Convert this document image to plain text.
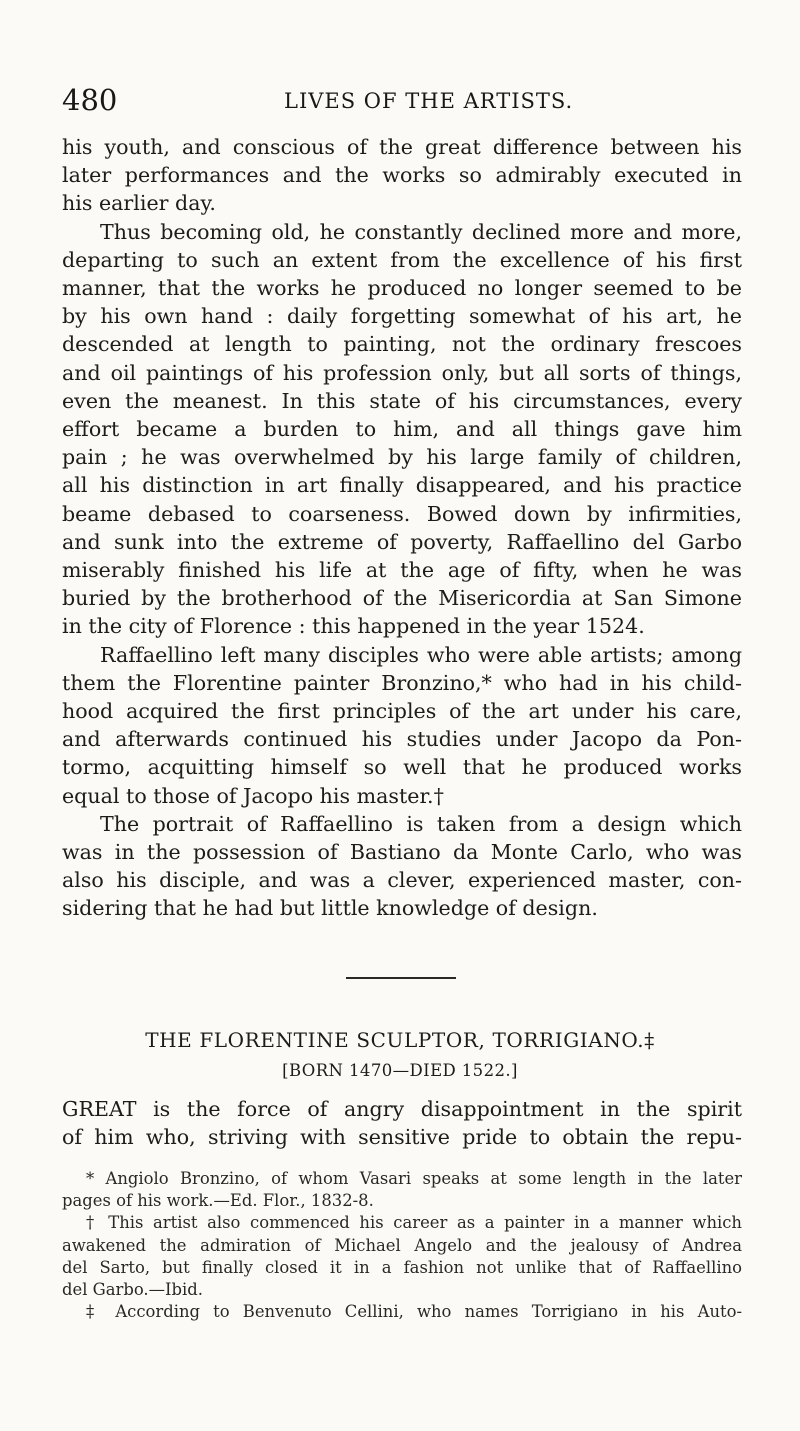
480	LIVES OF THE ARTISTS.
his youth, and conscious of the great difference between his
later performances and the works so admirably executed in
his earlier day.
Thus becoming old, he constantly declined more and more,
departing to such an extent from the excellence of his first
manner, that the works he produced no longer seemed to be
by his own hand : daily forgetting somewhat of his art, he
descended at length to painting, not the ordinary frescoes
and oil paintings of his profession only, but all sorts of things,
even the meanest. In this state of his circumstances, every
effort became a burden to him, and all things gave him
pain ; he was overwhelmed by his large family of children,
all his distinction in art finally disappeared, and his practice
beame debased to coarseness. Bowed down by infirmities,
and sunk into the extreme of poverty, Raffaellino del Garbo
miserably finished his life at the age of fifty, when he was
buried by the brotherhood of the Misericordia at San Simone
in the city of Florence : this happened in the year 1524.
Raffaellino left many disciples who were able artists; among
them the Florentine painter Bronzino,* who had in his child-
hood acquired the first principles of the art under his care,
and afterwards continued his studies under Jacopo da Pon-
tormo, acquitting himself so well that he produced works
equal to those of Jacopo his master.†
The portrait of Raffaellino is taken from a design which
was in the possession of Bastiano da Monte Carlo, who was
also his disciple, and was a clever, experienced master, con-
sidering that he had but little knowledge of design.
THE FLORENTINE SCULPTOR, TORRIGIANO.‡
[BORN 1470—DIED 1522.]
GREAT is the force of angry disappointment in the spirit
of him who, striving with sensitive pride to obtain the repu-
* Angiolo Bronzino, of whom Vasari speaks at some length in the later
pages of his work.—Ed. Flor., 1832-8.
† This artist also commenced his career as a painter in a manner which
awakened the admiration of Michael Angelo and the jealousy of Andrea
del Sarto, but finally closed it in a fashion not unlike that of Raffaellino
del Garbo.—Ibid.
‡ According to Benvenuto Cellini, who names Torrigiano in his Auto-
